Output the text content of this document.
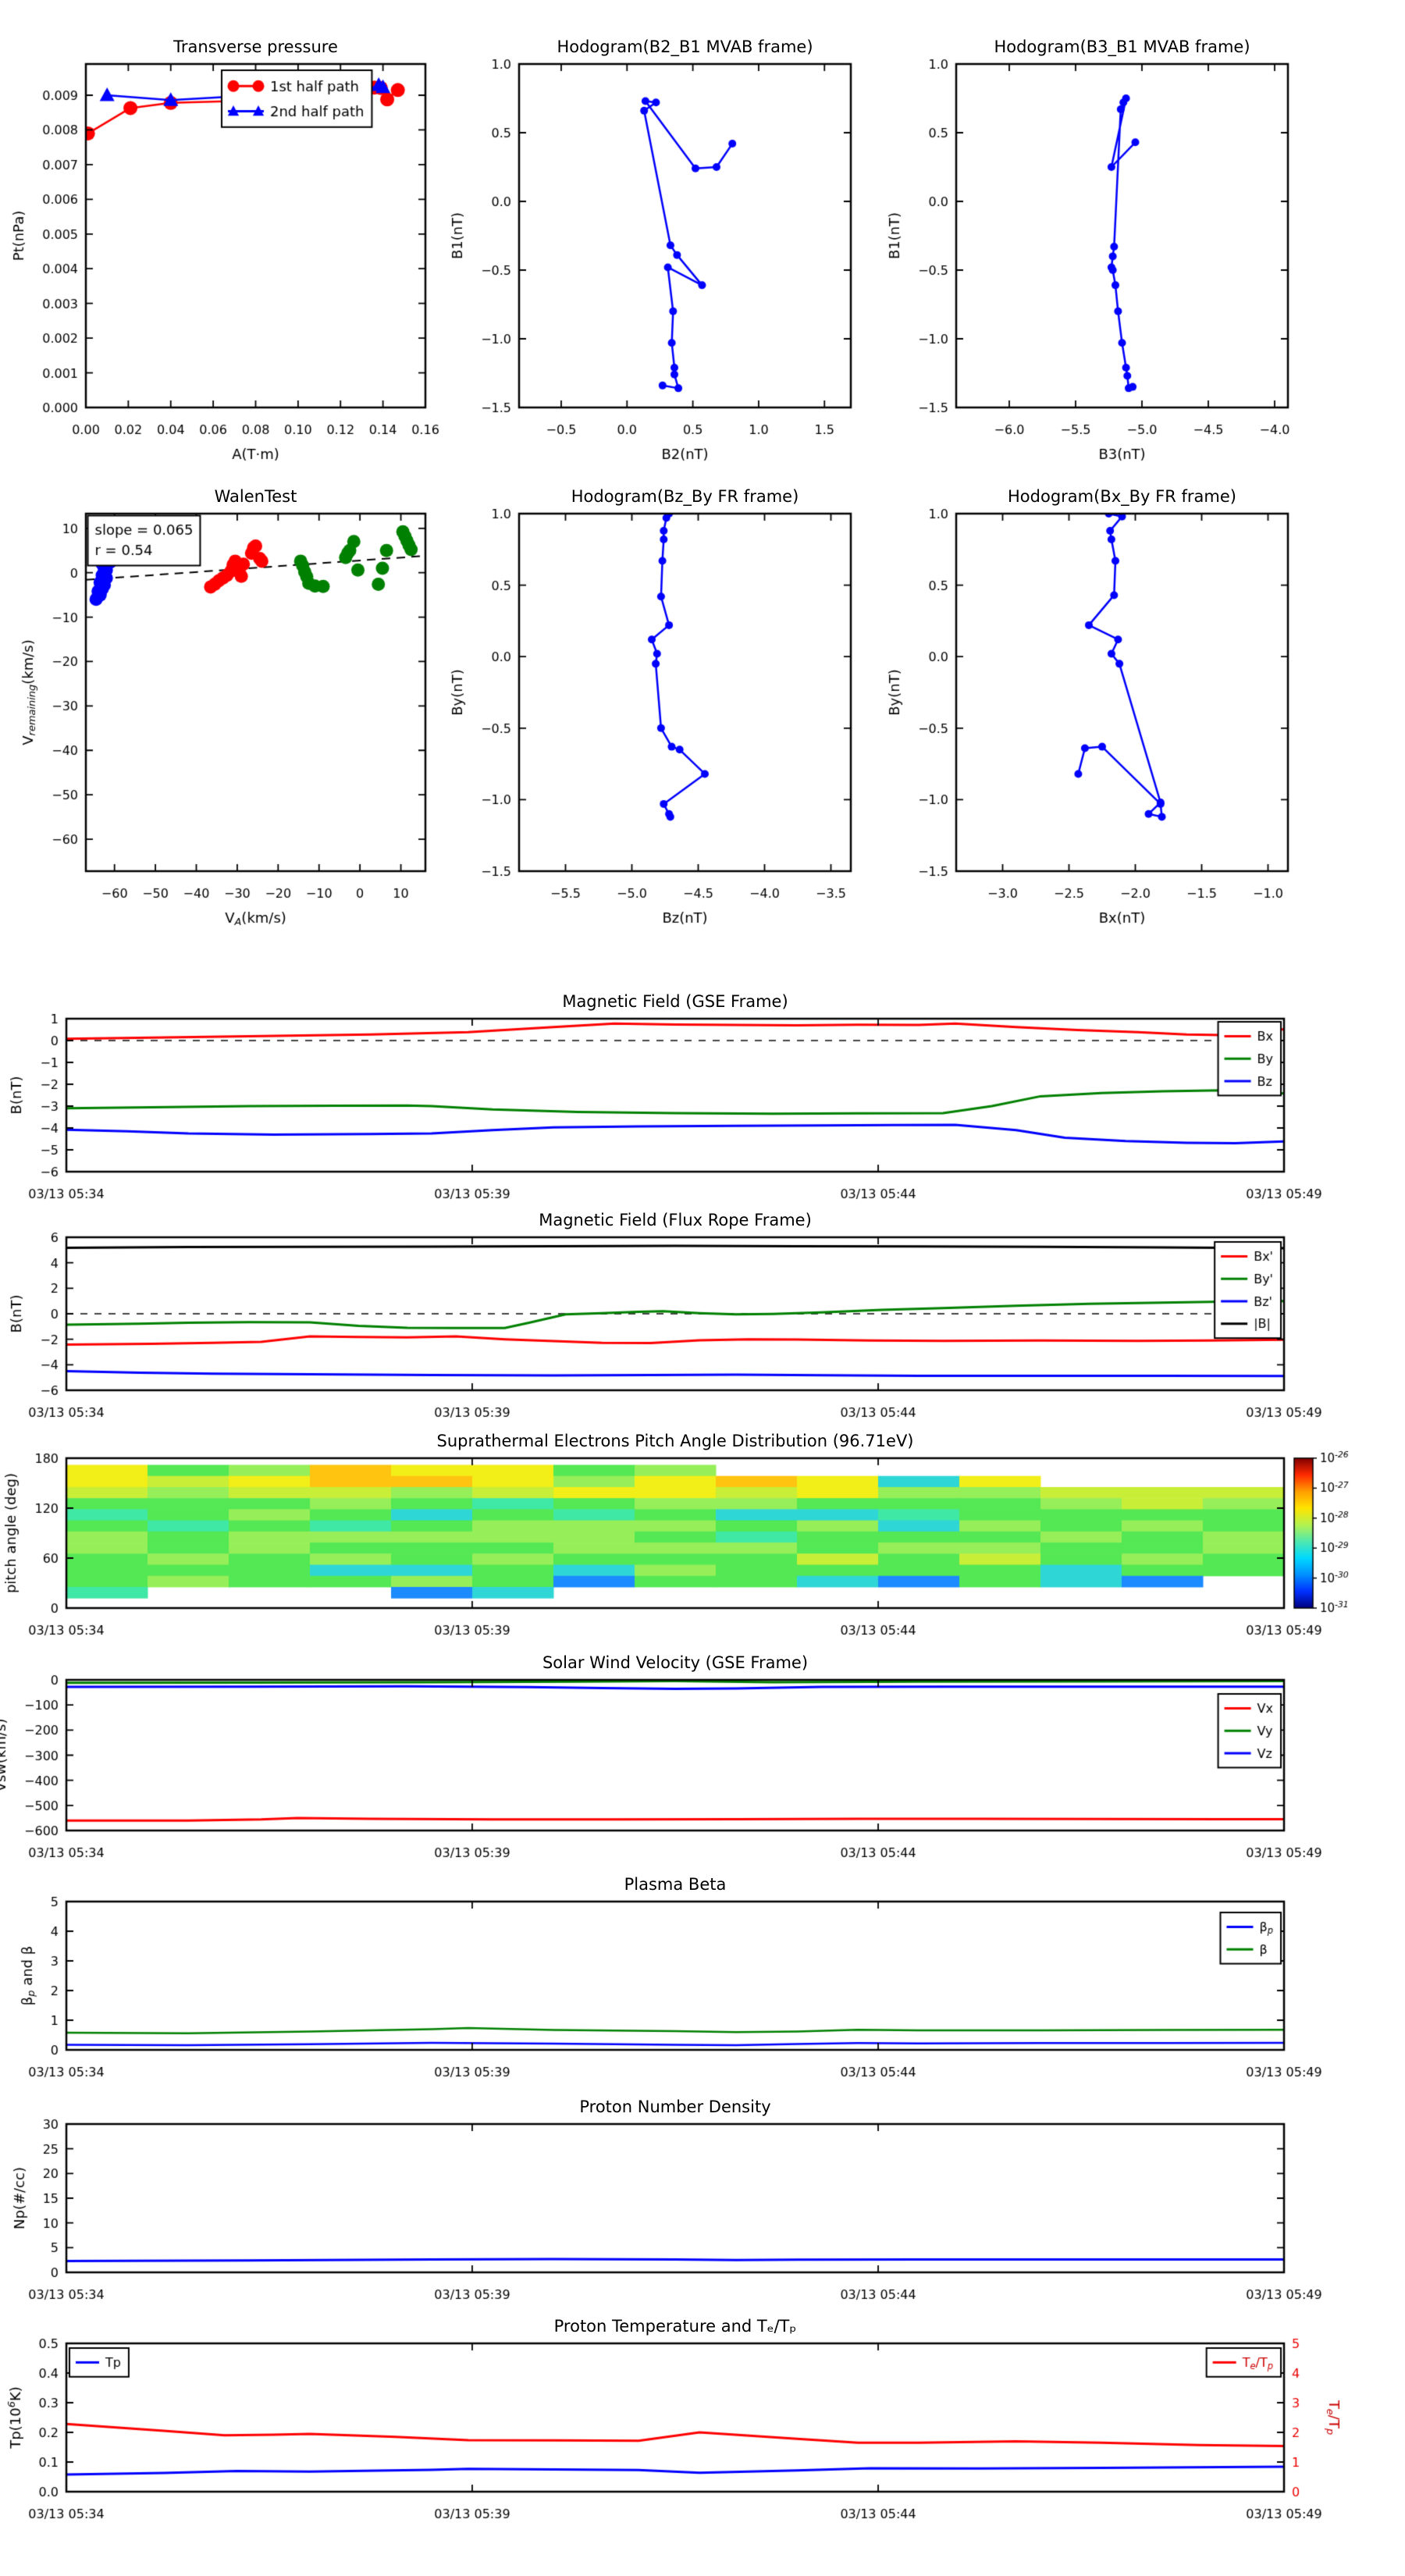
Transverse pressure	Hodogram(B2_B1 MVAB frame)	Hodogram(B3_B1 MVAB frame)
WalenTest	Hodogram(Bz_By FR frame)	Hodogram(Bx_By FR frame)
Magnetic Field (GSE Frame)
Magnetic Field (Flux Rope Frame)
Suprathermal Electrons Pitch Angle Distribution (96.71eV)
Solar Wind Velocity (GSE Frame)
Plasma Beta
Proton Number Density
Proton Temperature and Tₑ/Tₚ
